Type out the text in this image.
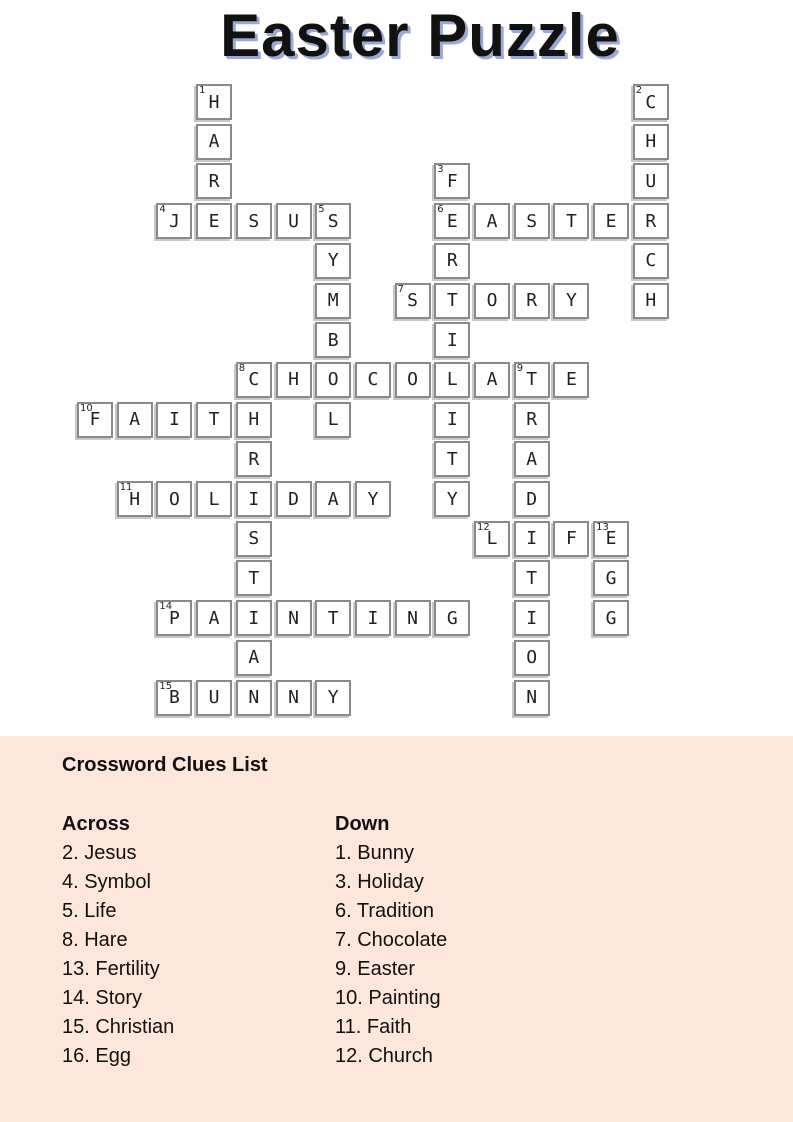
Easter Puzzle
H
1
A
R
J
4
E	S	U	S
5
Y
M
B
O
L
C
2
H
U
R
C
H
F
3
E
6
R
T
I
L
I
T
Y
A	S	T	E
S
7
O	R	Y
C
8
H	C	O	A	T
9
E
R
A
D
I
T
I
O
N
F
10
A	I	T	H
R
I
S
T
I
A
N
H
11
O	L	D	A	Y
L
12
F	E
13
G
G
P
14
A	N	T	I	N	G
B
15
U	N	Y
Crossword Clues List
Across
2. Jesus
4. Symbol
5. Life
8. Hare
13. Fertility
14. Story
15. Christian
16. Egg
Down
1. Bunny
3. Holiday
6. Tradition
7. Chocolate
9. Easter
10. Painting
11. Faith
12. Church
